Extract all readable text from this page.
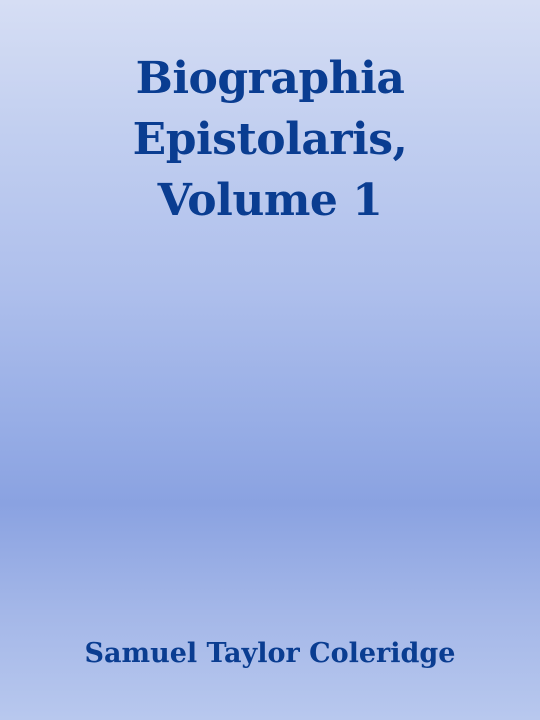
Biographia
Epistolaris,
Volume 1
Samuel Taylor Coleridge
